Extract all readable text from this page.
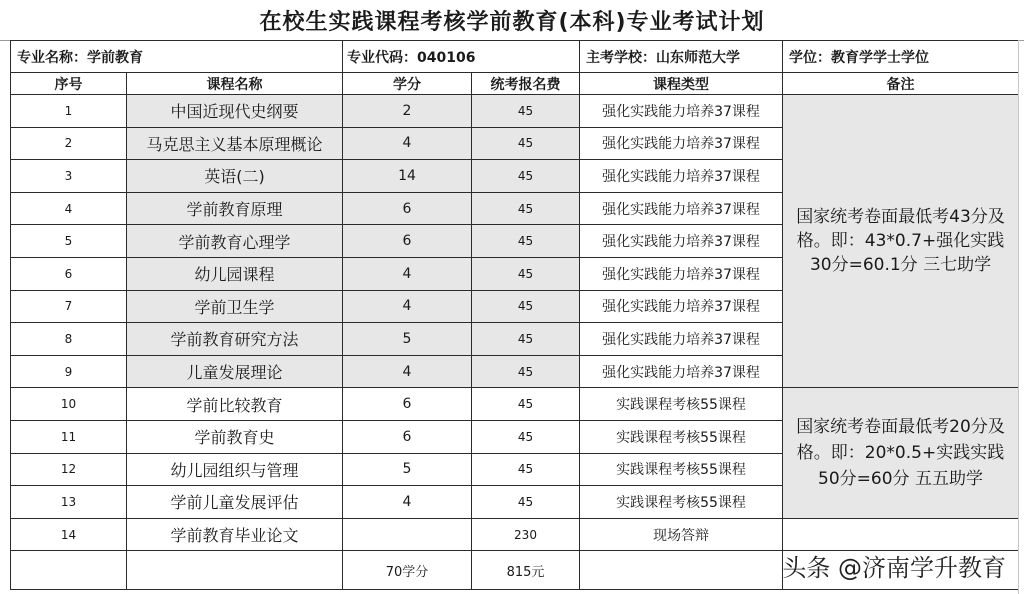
在校生实践课程考核学前教育(本科)专业考试计划
专业名称：学前教育		专业代码：040106		主考学校：山东师范大学	学位：教育学学士学位
序号	课程名称	学分	统考报名费	课程类型	备注
1	中国近现代史纲要	2	45	强化实践能力培养37课程	国家统考卷面最低考43分及格。即：43*0.7+强化实践30分=60.1分 三七助学
2	马克思主义基本原理概论	4	45	强化实践能力培养37课程	
3	英语(二)	14	45	强化实践能力培养37课程	
4	学前教育原理	6	45	强化实践能力培养37课程	
5	学前教育心理学	6	45	强化实践能力培养37课程	
6	幼儿园课程	4	45	强化实践能力培养37课程	
7	学前卫生学	4	45	强化实践能力培养37课程	
8	学前教育研究方法	5	45	强化实践能力培养37课程	
9	儿童发展理论	4	45	强化实践能力培养37课程	
10	学前比较教育	6	45	实践课程考核55课程	国家统考卷面最低考20分及格。即：20*0.5+实践实践50分=60分 五五助学
11	学前教育史	6	45	实践课程考核55课程	
12	幼儿园组织与管理	5	45	实践课程考核55课程	
13	学前儿童发展评估	4	45	实践课程考核55课程	
14	学前教育毕业论文		230	现场答辩	
		70学分	815元			头条 @济南学升教育
